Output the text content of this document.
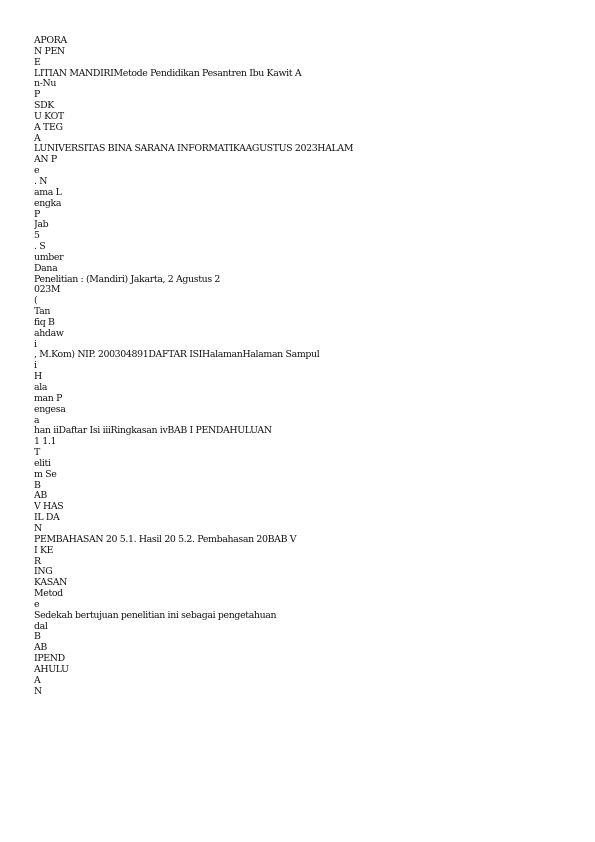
APORA
N PEN
E
LITIAN MANDIRIMetode Pendidikan Pesantren Ibu Kawit A
n-Nu
P
SDK
U KOT
A TEG
A
LUNIVERSITAS BINA SARANA INFORMATIKAAGUSTUS 2023HALAM
AN P
e
. N
ama L
engka
P
Jab
5
. S
umber
Dana
Penelitian : (Mandiri) Jakarta, 2 Agustus 2
023M
(
Tan
fiq B
ahdaw
i
, M.Kom) NIP. 200304891DAFTAR ISIHalamanHalaman Sampul
i
H
ala
man P
engesa
a
han iiDaftar Isi iiiRingkasan ivBAB I PENDAHULUAN
1 1.1
T
eliti
m Se
B
AB
V HAS
IL DA
N
PEMBAHASAN 20 5.1. Hasil 20 5.2. Pembahasan 20BAB V
I KE
R
ING
KASAN
Metod
e
Sedekah bertujuan penelitian ini sebagai pengetahuan
dal
B
AB
IPEND
AHULU
A
N
